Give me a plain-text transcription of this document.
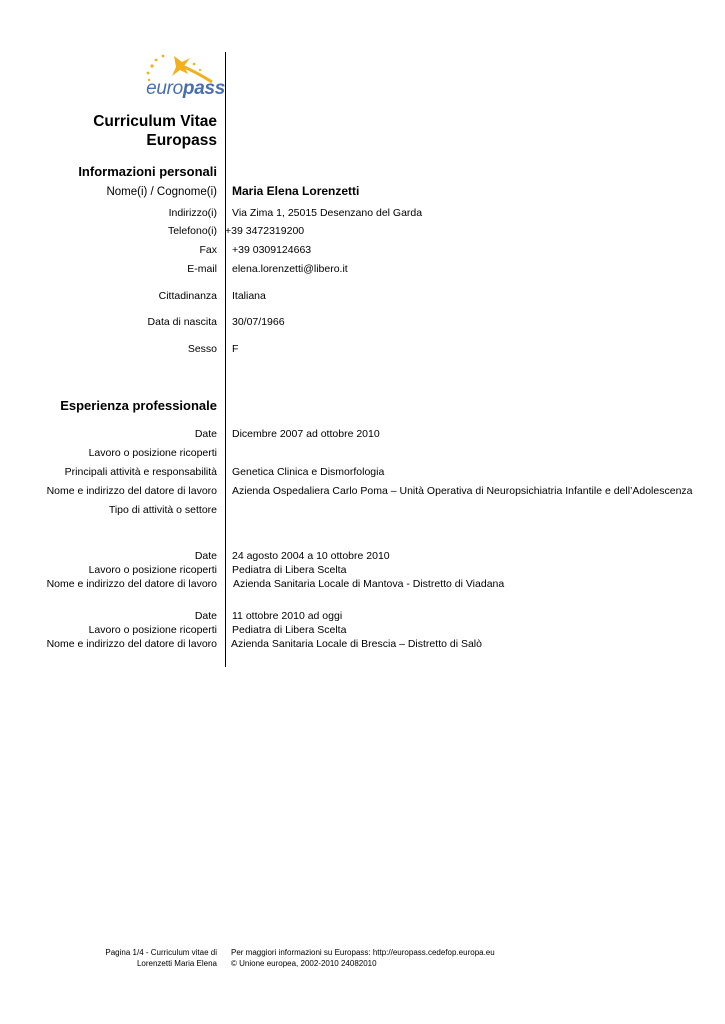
europass
Curriculum Vitae
Europass
Informazioni personali
Nome(i) / Cognome(i) Maria Elena Lorenzetti
Indirizzo(i) Via Zima 1, 25015 Desenzano del Garda
Telefono(i) +39 3472319200
Fax +39 0309124663
E-mail elena.lorenzetti@libero.it
Cittadinanza Italiana
Data di nascita 30/07/1966
Sesso F
Esperienza professionale
Date Dicembre 2007 ad ottobre 2010
Lavoro o posizione ricoperti
Principali attività e responsabilità Genetica Clinica e Dismorfologia
Nome e indirizzo del datore di lavoro Azienda Ospedaliera Carlo Poma – Unità Operativa di Neuropsichiatria Infantile e dell’Adolescenza
Tipo di attività o settore
Date 24 agosto 2004 a 10 ottobre 2010
Lavoro o posizione ricoperti Pediatra di Libera Scelta
Nome e indirizzo del datore di lavoro Azienda Sanitaria Locale di Mantova - Distretto di Viadana
Date 11 ottobre 2010 ad oggi
Lavoro o posizione ricoperti Pediatra di Libera Scelta
Nome e indirizzo del datore di lavoro Azienda Sanitaria Locale di Brescia – Distretto di Salò
Pagina 1/4 - Curriculum vitae di
Lorenzetti Maria Elena
Per maggiori informazioni su Europass: http://europass.cedefop.europa.eu
© Unione europea, 2002-2010 24082010
